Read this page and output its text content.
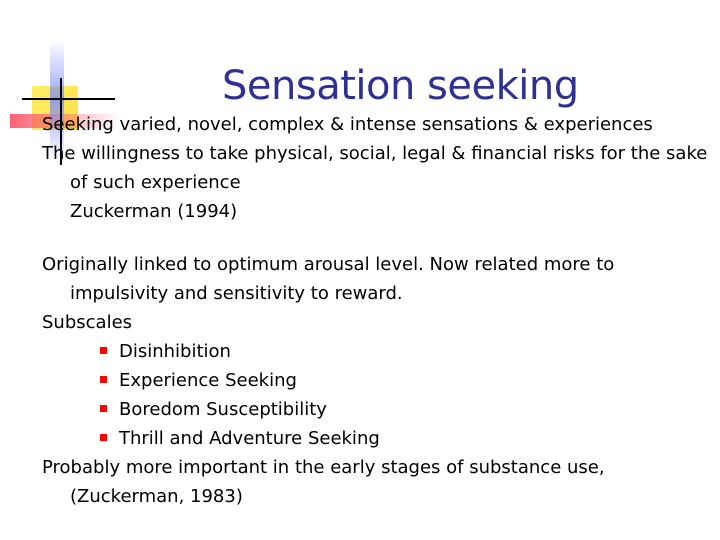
Sensation seeking
Seeking varied, novel, complex & intense sensations & experiences
The willingness to take physical, social, legal & financial risks for the sake
of such experience
Zuckerman (1994)
Originally linked to optimum arousal level. Now related more to
impulsivity and sensitivity to reward.
Subscales
Disinhibition
Experience Seeking
Boredom Susceptibility
Thrill and Adventure Seeking
Probably more important in the early stages of substance use,
(Zuckerman, 1983)
